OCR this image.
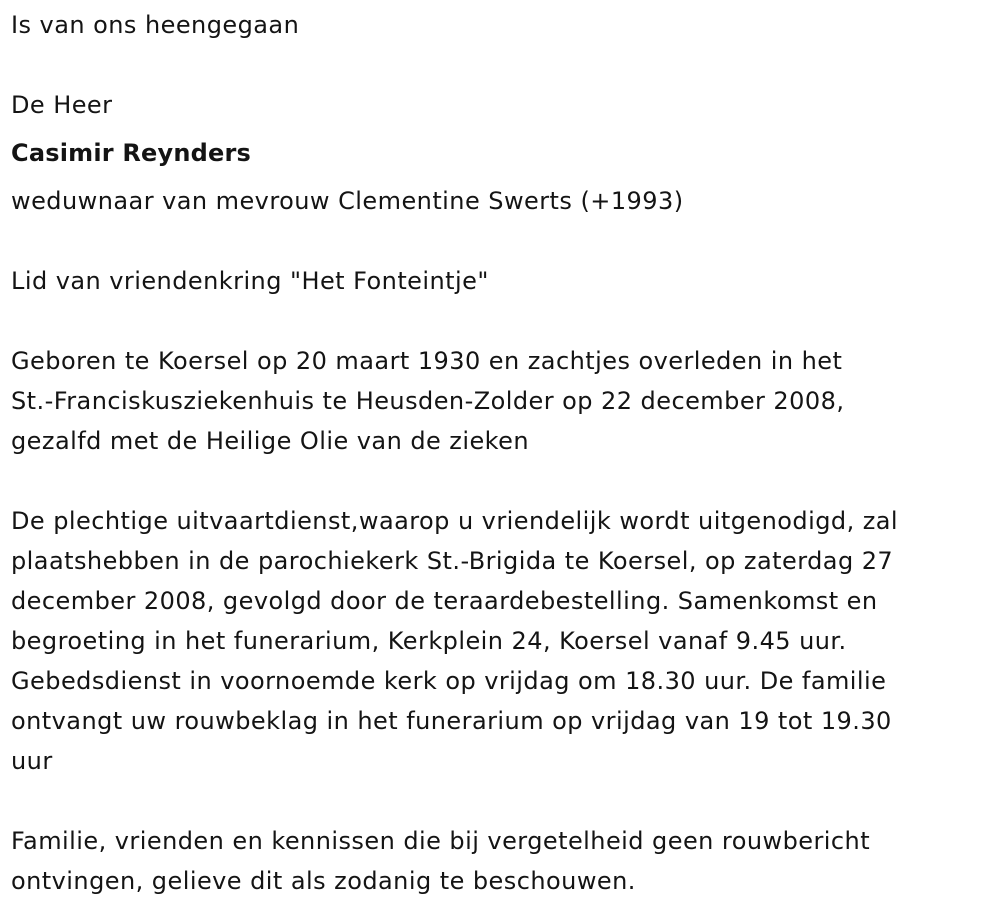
Is van ons heengegaan
De Heer
Casimir Reynders
weduwnaar van mevrouw Clementine Swerts (+1993)
Lid van vriendenkring "Het Fonteintje"
Geboren te Koersel op 20 maart 1930 en zachtjes overleden in het
St.-Franciskusziekenhuis te Heusden-Zolder op 22 december 2008,
gezalfd met de Heilige Olie van de zieken
De plechtige uitvaartdienst,waarop u vriendelijk wordt uitgenodigd, zal
plaatshebben in de parochiekerk St.-Brigida te Koersel, op zaterdag 27
december 2008, gevolgd door de teraardebestelling. Samenkomst en
begroeting in het funerarium, Kerkplein 24, Koersel vanaf 9.45 uur.
Gebedsdienst in voornoemde kerk op vrijdag om 18.30 uur. De familie
ontvangt uw rouwbeklag in het funerarium op vrijdag van 19 tot 19.30
uur
Familie, vrienden en kennissen die bij vergetelheid geen rouwbericht
ontvingen, gelieve dit als zodanig te beschouwen.
